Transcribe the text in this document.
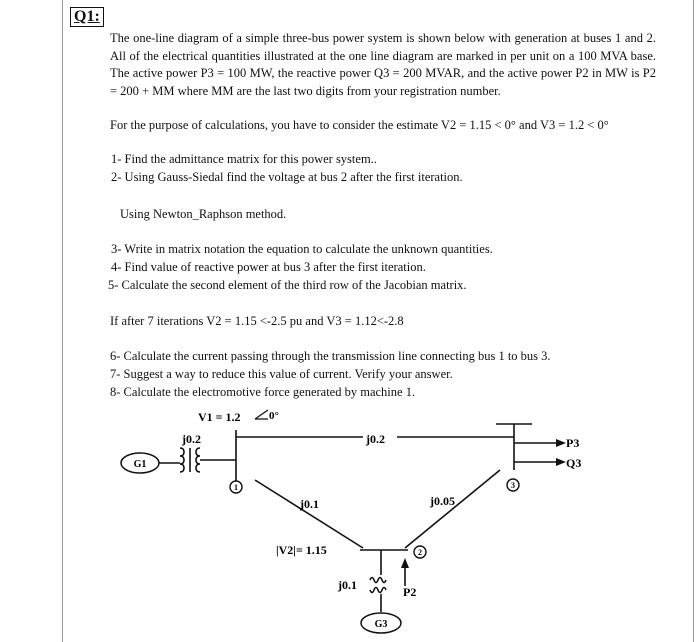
Q1:

The one-line diagram of a simple three-bus power system is shown below with generation at buses 1 and 2. All of the electrical quantities illustrated at the one line diagram are marked in per unit on a 100 MVA base. The active power P3 = 100 MW, the reactive power Q3 = 200 MVAR, and the active power P2 in MW is P2 = 200 + MM where MM are the last two digits from your registration number.

For the purpose of calculations, you have to consider the estimate V2 = 1.15 < 0° and V3 = 1.2 < 0°

1- Find the admittance matrix for this power system..

2- Using Gauss-Siedal find the voltage at bus 2 after the first iteration.

Using Newton_Raphson method.

3- Write in matrix notation the equation to calculate the unknown quantities.

4- Find value of reactive power at bus 3 after the first iteration.

5- Calculate the second element of the third row of the Jacobian matrix.

If after 7 iterations V2 = 1.15 <-2.5 pu and V3 = 1.12<-2.8

6- Calculate the current passing through the transmission line connecting bus 1 to bus 3.

7- Suggest a way to reduce this value of current. Verify your answer.

8- Calculate the electromotive force generated by machine 1.

G1
G3
1
2
3
V1 = 1.2	0°
j0.2	j0.2	P3
Q3
j0.1	j0.05
|V2|= 1.15
j0.1	P2
